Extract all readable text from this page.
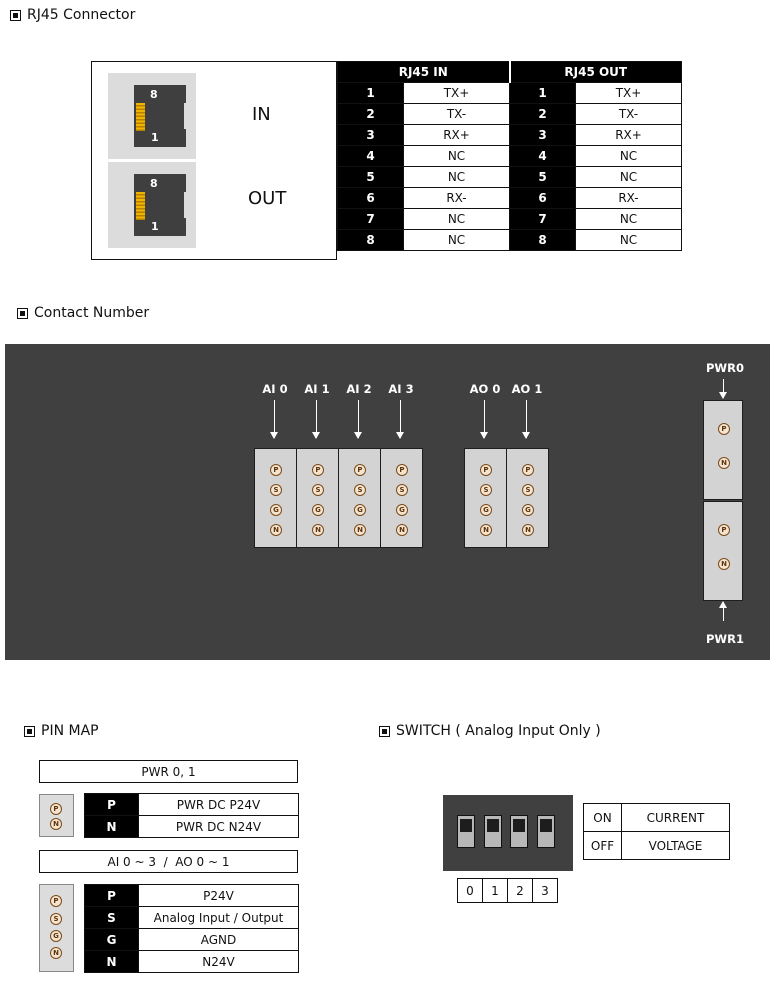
RJ45 Connector
8
1
IN
8
1
OUT
RJ45 IN		RJ45 OUT	
1	TX+	1	TX+
2	TX-	2	TX-
3	RX+	3	RX+
4	NC	4	NC
5	NC	5	NC
6	RX-	6	RX-
7	NC	7	NC
8	NC	8	NC
Contact Number
AI 0
P
S
G
N
AI 1
P
S
G
N
AI 2
P
S
G
N
AI 3
P
S
G
N
AO 0
P
S
G
N
AO 1
P
S
G
N
PWR0
P
N
P
N
PWR1
PIN MAP
PWR 0, 1
P
N
P	PWR DC P24V
N	PWR DC N24V
AI 0 ~ 3  /  AO 0 ~ 1
P
S
G
N
P	P24V
S	Analog Input / Output
G	AGND
N	N24V
SWITCH ( Analog Input Only )
ON	CURRENT
OFF	VOLTAGE
0	1	2	3
